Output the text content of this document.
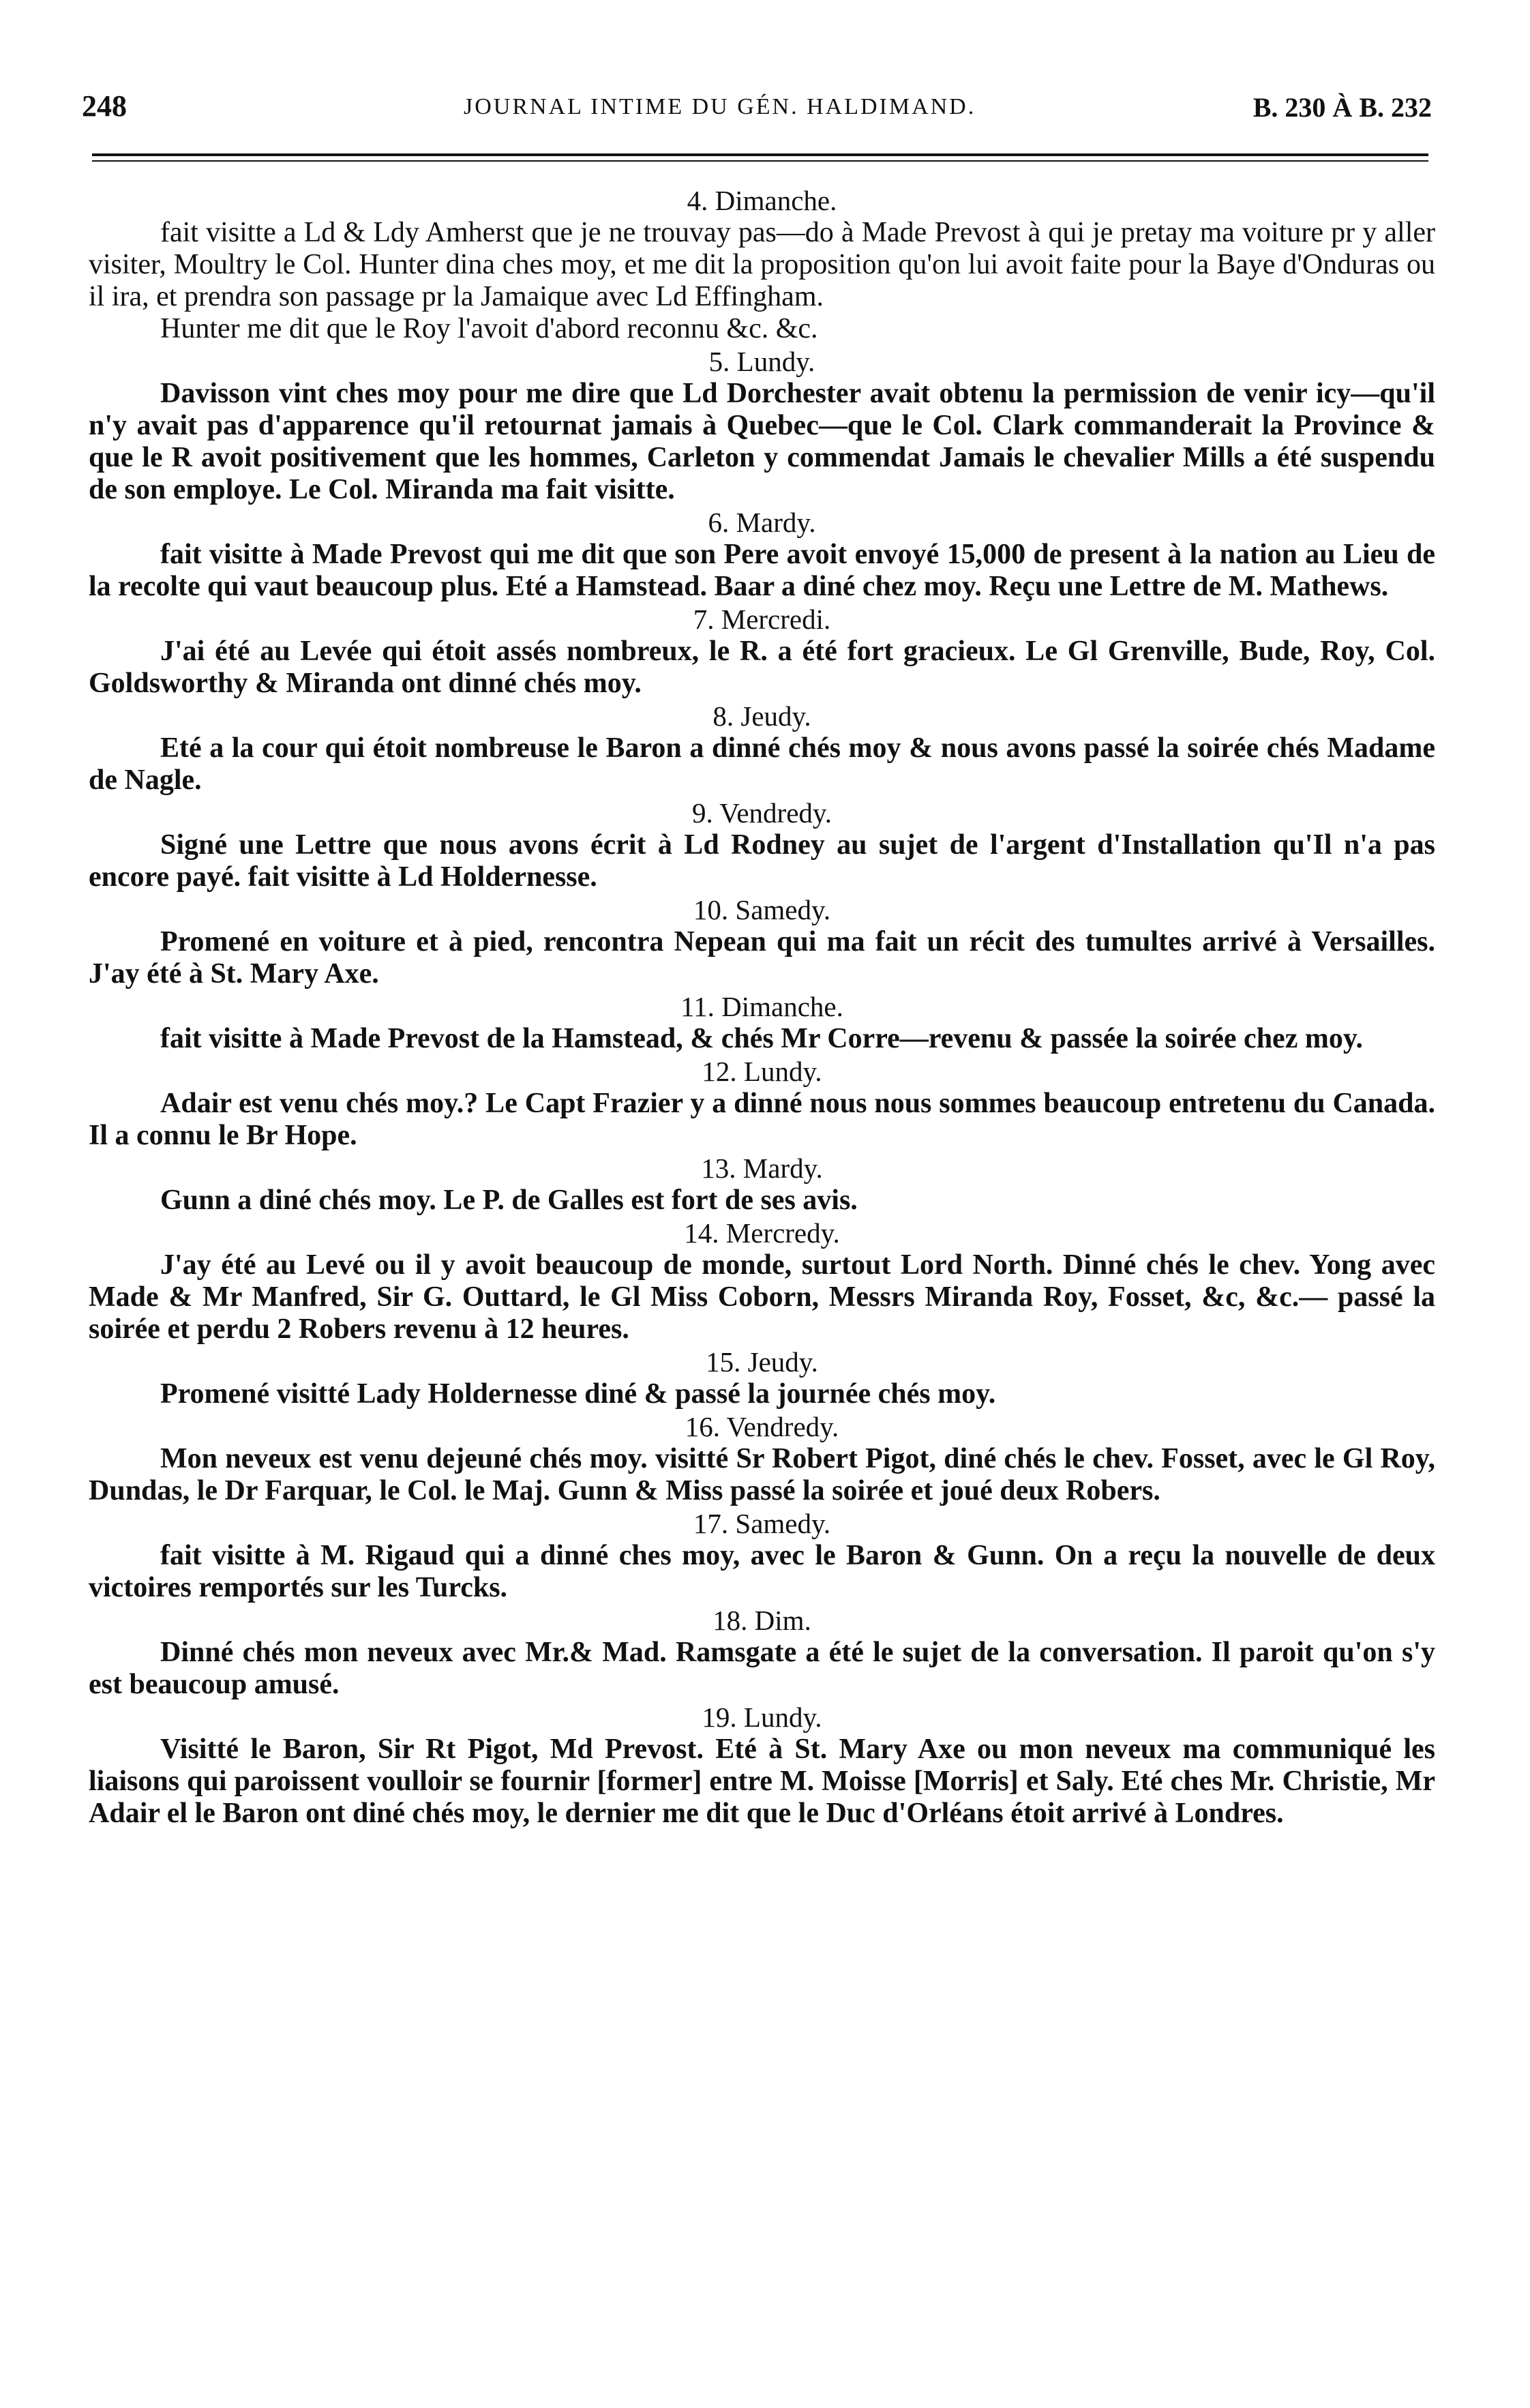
248	JOURNAL INTIME DU GÉN. HALDIMAND.	B. 230 À B. 232
4. Dimanche.

fait visitte a Ld & Ldy Amherst que je ne trouvay pas—do à Made Prevost à qui je pretay ma voiture pr y aller visiter, Moultry le Col. Hunter dina ches moy, et me dit la proposition qu'on lui avoit faite pour la Baye d'Onduras ou il ira, et prendra son passage pr la Jamaique avec Ld Effingham.

Hunter me dit que le Roy l'avoit d'abord reconnu &c. &c.

5. Lundy.

Davisson vint ches moy pour me dire que Ld Dorchester avait obtenu la permission de venir icy—qu'il n'y avait pas d'apparence qu'il retournat jamais à Quebec—que le Col. Clark commanderait la Province & que le R avoit positivement que les hommes, Carleton y commendat Jamais le chevalier Mills a été suspendu de son employe. Le Col. Miranda ma fait visitte.

6. Mardy.

fait visitte à Made Prevost qui me dit que son Pere avoit envoyé 15,000 de present à la nation au Lieu de la recolte qui vaut beaucoup plus. Eté a Hamstead. Baar a diné chez moy. Reçu une Lettre de M. Mathews.

7. Mercredi.

J'ai été au Levée qui étoit assés nombreux, le R. a été fort gracieux. Le Gl Grenville, Bude, Roy, Col. Goldsworthy & Miranda ont dinné chés moy.

8. Jeudy.

Eté a la cour qui étoit nombreuse le Baron a dinné chés moy & nous avons passé la soirée chés Madame de Nagle.

9. Vendredy.

Signé une Lettre que nous avons écrit à Ld Rodney au sujet de l'argent d'Installation qu'Il n'a pas encore payé. fait visitte à Ld Holdernesse.

10. Samedy.

Promené en voiture et à pied, rencontra Nepean qui ma fait un récit des tumultes arrivé à Versailles. J'ay été à St. Mary Axe.

11. Dimanche.

fait visitte à Made Prevost de la Hamstead, & chés Mr Corre—revenu & passée la soirée chez moy.

12. Lundy.

Adair est venu chés moy.? Le Capt Frazier y a dinné nous nous sommes beaucoup entretenu du Canada. Il a connu le Br Hope.

13. Mardy.

Gunn a diné chés moy. Le P. de Galles est fort de ses avis.

14. Mercredy.

J'ay été au Levé ou il y avoit beaucoup de monde, surtout Lord North. Dinné chés le chev. Yong avec Made & Mr Manfred, Sir G. Outtard, le Gl Miss Coborn, Messrs Miranda Roy, Fosset, &c, &c.— passé la soirée et perdu 2 Robers revenu à 12 heures.

15. Jeudy.

Promené visitté Lady Holdernesse diné & passé la journée chés moy.

16. Vendredy.

Mon neveux est venu dejeuné chés moy. visitté Sr Robert Pigot, diné chés le chev. Fosset, avec le Gl Roy, Dundas, le Dr Farquar, le Col. le Maj. Gunn & Miss passé la soirée et joué deux Robers.

17. Samedy.

fait visitte à M. Rigaud qui a dinné ches moy, avec le Baron & Gunn. On a reçu la nouvelle de deux victoires remportés sur les Turcks.

18. Dim.

Dinné chés mon neveux avec Mr.& Mad. Ramsgate a été le sujet de la conversation. Il paroit qu'on s'y est beaucoup amusé.

19. Lundy.

Visitté le Baron, Sir Rt Pigot, Md Prevost. Eté à St. Mary Axe ou mon neveux ma communiqué les liaisons qui paroissent voulloir se fournir [former] entre M. Moisse [Morris] et Saly. Eté ches Mr. Christie, Mr Adair el le Baron ont diné chés moy, le dernier me dit que le Duc d'Orléans étoit arrivé à Londres.
